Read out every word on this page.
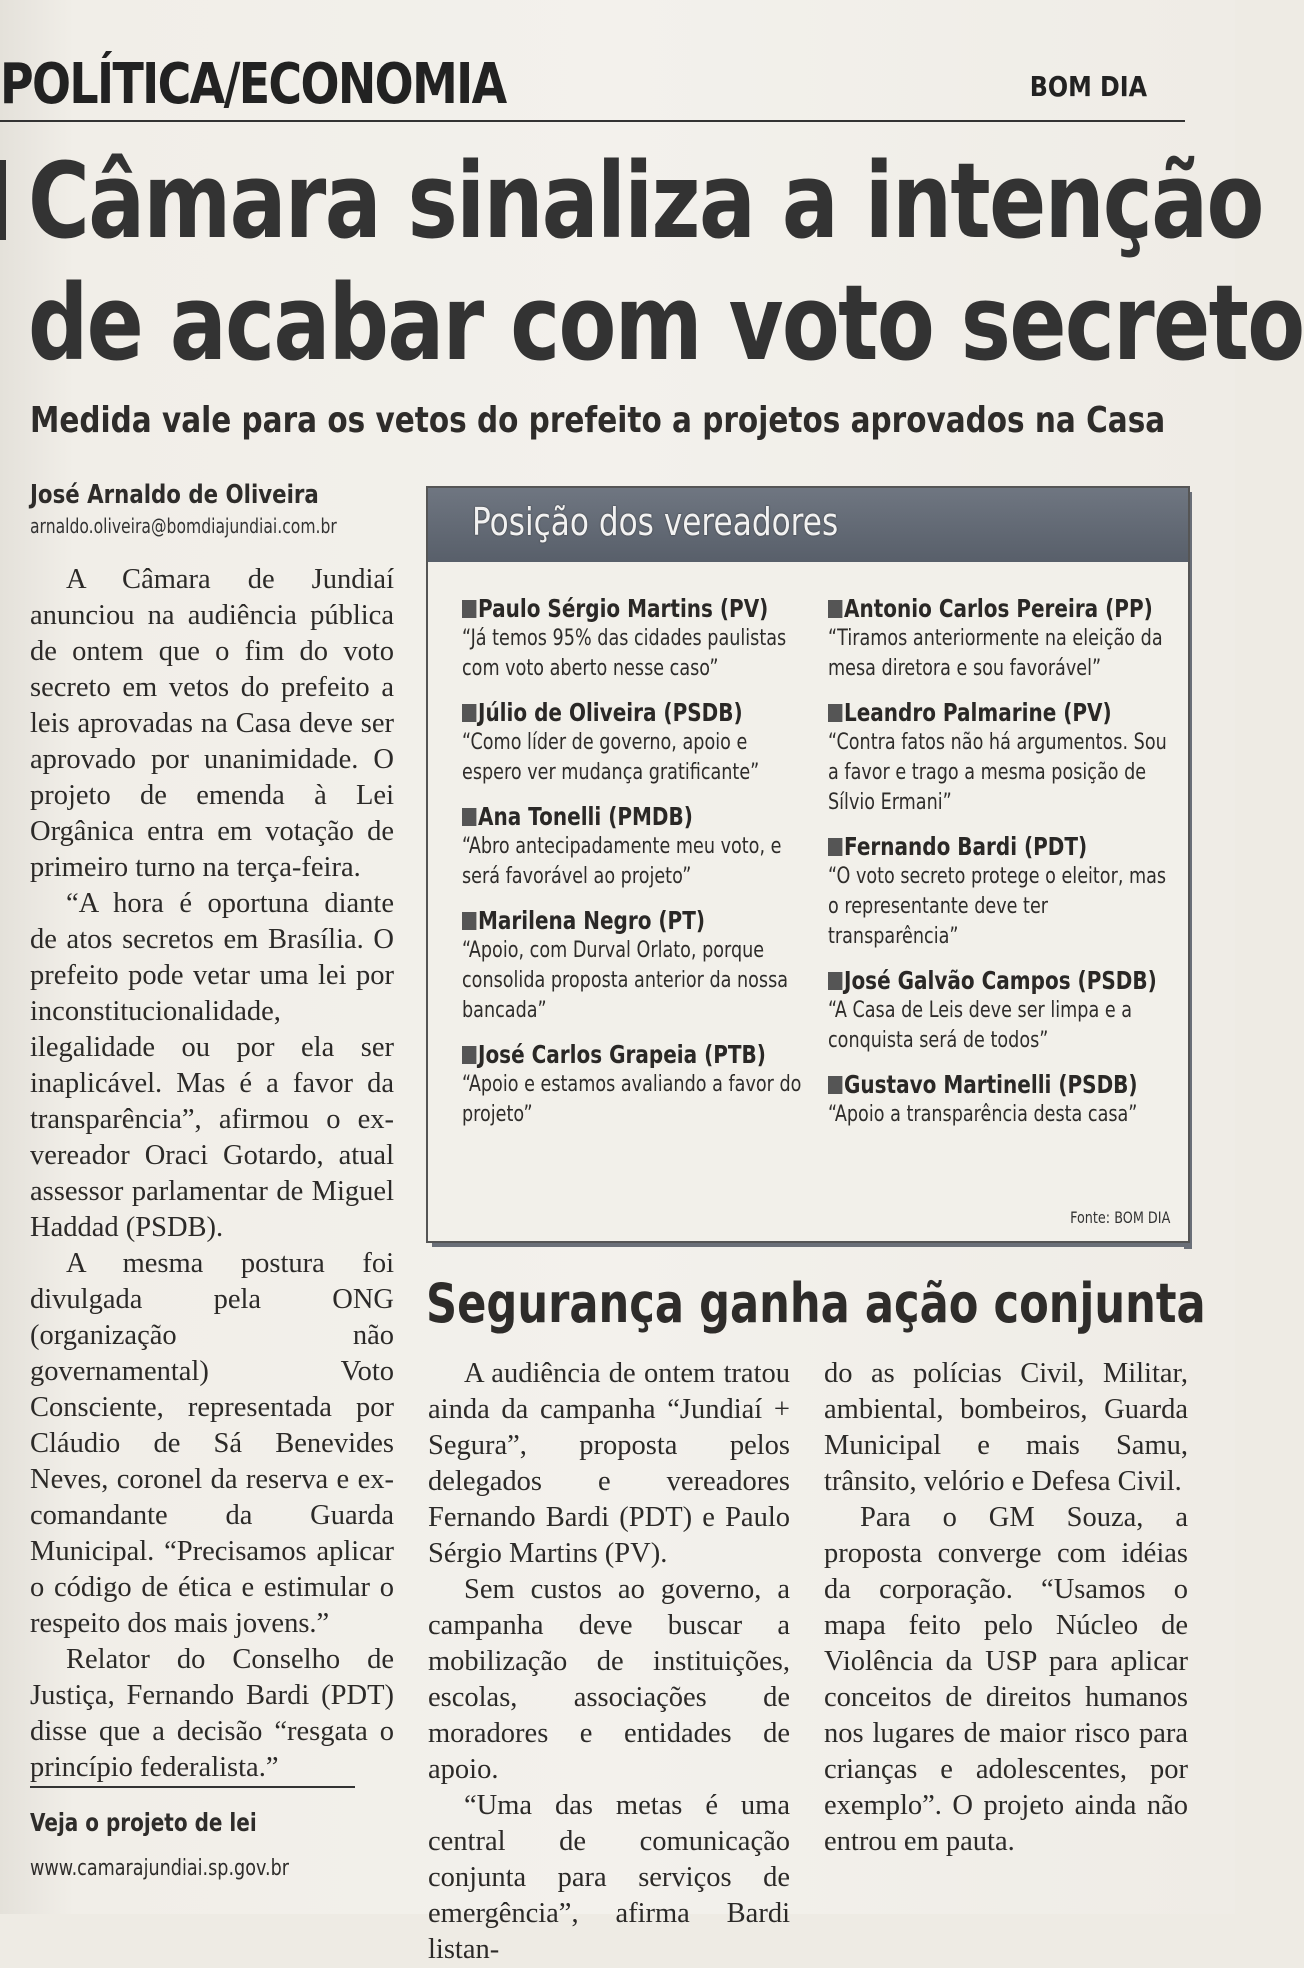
POLÍTICA/ECONOMIA	BOM DIA
Câmara sinaliza a intenção
de acabar com voto secreto
Medida vale para os vetos do prefeito a projetos aprovados na Casa
José Arnaldo de Oliveira
arnaldo.oliveira@bomdiajundiai.com.br

A Câmara de Jundiaí anunciou na audiência pública de ontem que o fim do voto secreto em vetos do prefeito a leis aprovadas na Casa deve ser aprovado por unanimidade. O projeto de emenda à Lei Orgânica entra em votação de primeiro turno na terça-feira.

“A hora é oportuna diante de atos secretos em Brasília. O prefeito pode vetar uma lei por inconstitucionalidade, ilegalidade ou por ela ser inaplicável. Mas é a favor da transparência”, afirmou o ex-vereador Oraci Gotardo, atual assessor parlamentar de Miguel Haddad (PSDB).

A mesma postura foi divulgada pela ONG (organização não governamental) Voto Consciente, representada por Cláudio de Sá Benevides Neves, coronel da reserva e ex-comandante da Guarda Municipal. “Precisamos aplicar o código de ética e estimular o respeito dos mais jovens.”

Relator do Conselho de Justiça, Fernando Bardi (PDT) disse que a decisão “resgata o princípio federalista.”

Veja o projeto de lei
www.camarajundiai.sp.gov.br
Posição dos vereadores
Paulo Sérgio Martins (PV)
“Já temos 95% das cidades paulistas com voto aberto nesse caso”
Júlio de Oliveira (PSDB)
“Como líder de governo, apoio e espero ver mudança gratificante”
Ana Tonelli (PMDB)
“Abro antecipadamente meu voto, e será favorável ao projeto”
Marilena Negro (PT)
“Apoio, com Durval Orlato, porque consolida proposta anterior da nossa bancada”
José Carlos Grapeia (PTB)
“Apoio e estamos avaliando a favor do projeto”
Antonio Carlos Pereira (PP)
“Tiramos anteriormente na eleição da mesa diretora e sou favorável”
Leandro Palmarine (PV)
“Contra fatos não há argumentos. Sou a favor e trago a mesma posição de Sílvio Ermani”
Fernando Bardi (PDT)
“O voto secreto protege o eleitor, mas o representante deve ter transparência”
José Galvão Campos (PSDB)
“A Casa de Leis deve ser limpa e a conquista será de todos”
Gustavo Martinelli (PSDB)
“Apoio a transparência desta casa”
Fonte: BOM DIA
Segurança ganha ação conjunta

A audiência de ontem tratou ainda da campanha “Jundiaí + Segura”, proposta pelos delegados e vereadores Fernando Bardi (PDT) e Paulo Sérgio Martins (PV).

Sem custos ao governo, a campanha deve buscar a mobilização de instituições, escolas, associações de moradores e entidades de apoio.

“Uma das metas é uma central de comunicação conjunta para serviços de emergência”, afirma Bardi listan-

do as polícias Civil, Militar, ambiental, bombeiros, Guarda Municipal e mais Samu, trânsito, velório e Defesa Civil.

Para o GM Souza, a proposta converge com idéias da corporação. “Usamos o mapa feito pelo Núcleo de Violência da USP para aplicar conceitos de direitos humanos nos lugares de maior risco para crianças e adolescentes, por exemplo”. O projeto ainda não entrou em pauta.
